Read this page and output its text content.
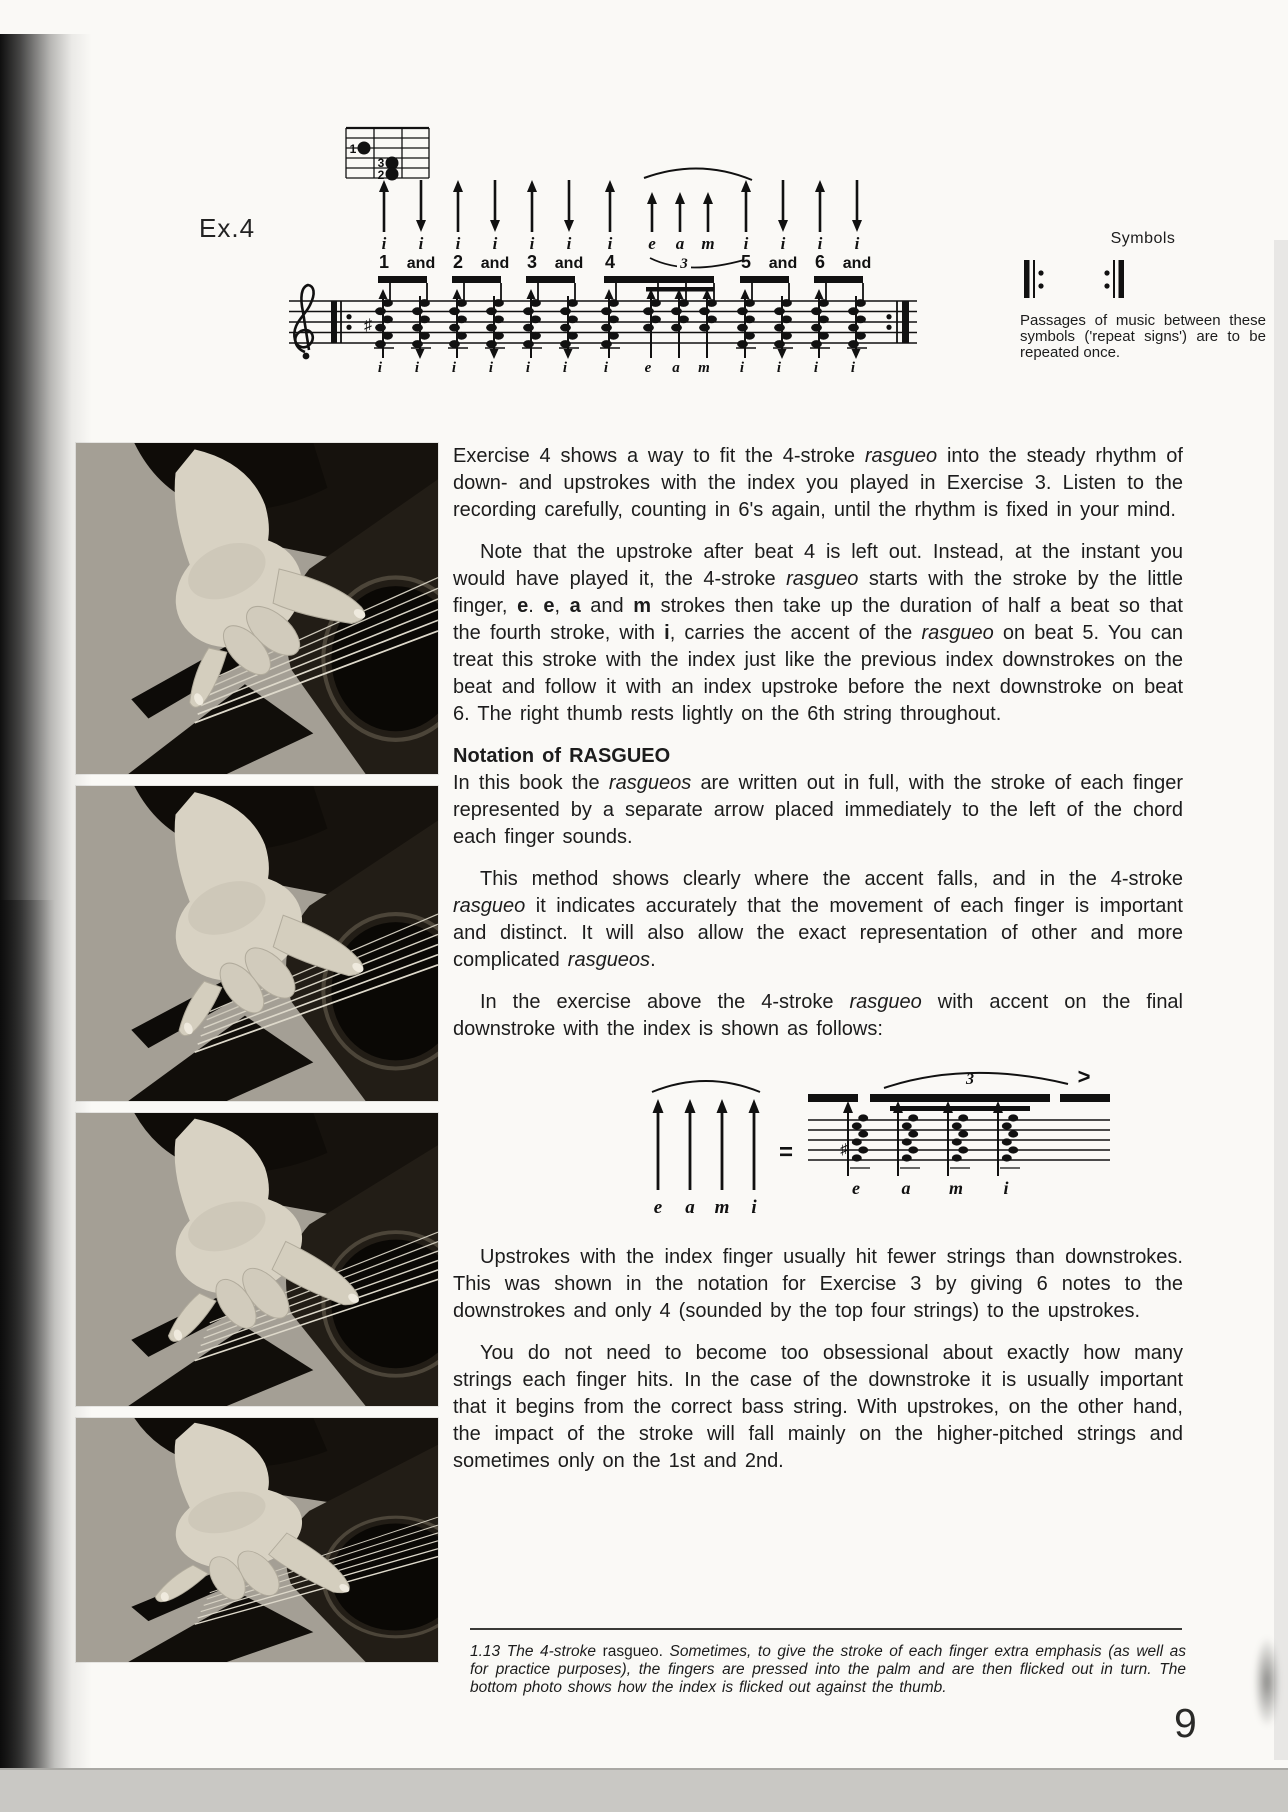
1
3
2
i
1
i
and
i
2
i
and
i
3
i
and
i
4
e a m i
5
i
and
i
6
i
and
3
♯
i i i i i i i e a m i i i i
Ex.4	Symbols
Passages of music between these symbols ('repeat signs') are to be repeated once.

Exercise 4 shows a way to fit the 4-stroke rasgueo into the steady rhythm of down- and upstrokes with the index you played in Exercise 3. Listen to the recording carefully, counting in 6's again, until the rhythm is fixed in your mind.

Note that the upstroke after beat 4 is left out. Instead, at the instant you would have played it, the 4-stroke rasgueo starts with the stroke by the little finger, e. e, a and m strokes then take up the duration of half a beat so that the fourth stroke, with i, carries the accent of the rasgueo on beat 5. You can treat this stroke with the index just like the previous index downstrokes on the beat and follow it with an index upstroke before the next downstroke on beat 6. The right thumb rests lightly on the 6th string throughout.

Notation of RASGUEO

In this book the rasgueos are written out in full, with the stroke of each finger represented by a separate arrow placed immediately to the left of the chord each finger sounds.

This method shows clearly where the accent falls, and in the 4-stroke rasgueo it indicates accurately that the movement of each finger is important and distinct. It will also allow the exact representation of other and more complicated rasgueos.

In the exercise above the 4-stroke rasgueo with accent on the final downstroke with the index is shown as follows:

e a m i
=
3	>
♯
e a m i

Upstrokes with the index finger usually hit fewer strings than downstrokes. This was shown in the notation for Exercise 3 by giving 6 notes to the downstrokes and only 4 (sounded by the top four strings) to the upstrokes.

You do not need to become too obsessional about exactly how many strings each finger hits. In the case of the downstroke it is usually important that it begins from the correct bass string. With upstrokes, on the other hand, the impact of the stroke will fall mainly on the higher-pitched strings and sometimes only on the 1st and 2nd.

1.13 The 4-stroke rasgueo. Sometimes, to give the stroke of each finger extra emphasis (as well as for practice purposes), the fingers are pressed into the palm and are then flicked out in turn. The bottom photo shows how the index is flicked out against the thumb.
9
